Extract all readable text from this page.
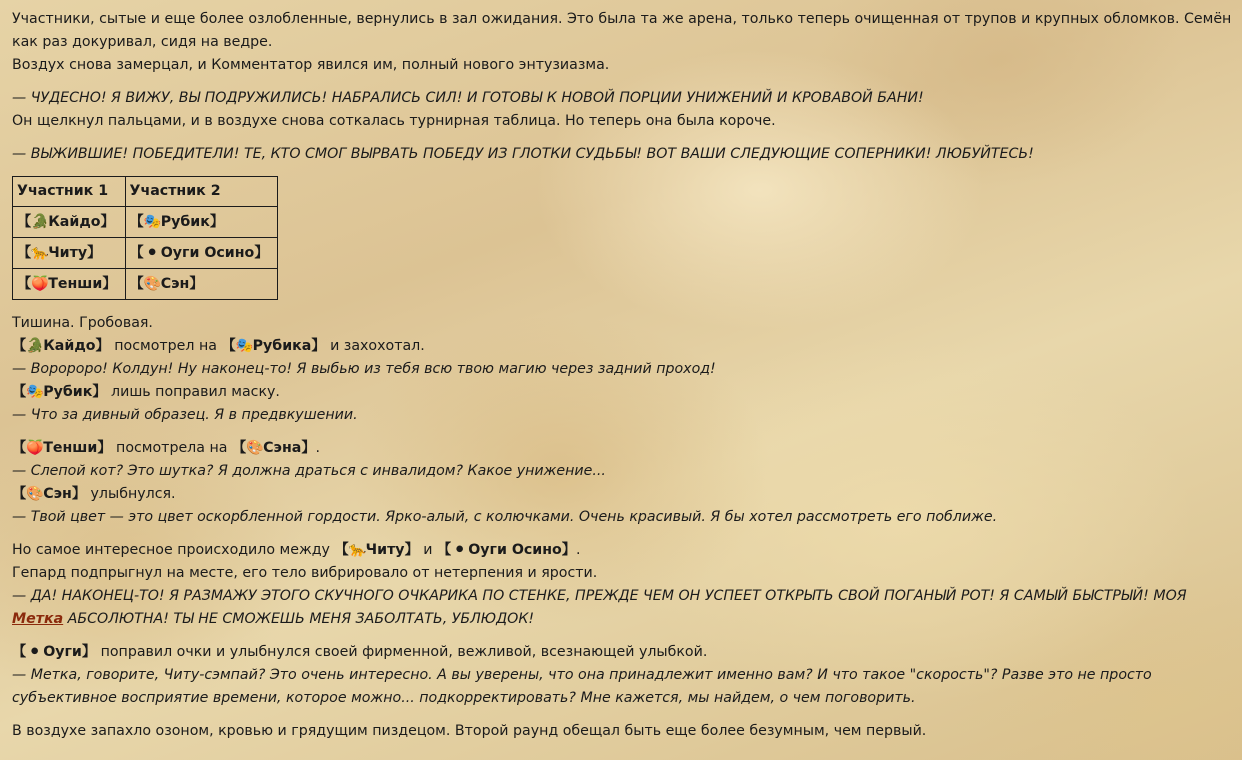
Участники, сытые и еще более озлобленные, вернулись в зал ожидания. Это была та же арена, только теперь очищенная от трупов и крупных обломков. Семён как раз докуривал, сидя на ведре.

Воздух снова замерцал, и Комментатор явился им, полный нового энтузиазма.

— ЧУДЕСНО! Я ВИЖУ, ВЫ ПОДРУЖИЛИСЬ! НАБРАЛИСЬ СИЛ! И ГОТОВЫ К НОВОЙ ПОРЦИИ УНИЖЕНИЙ И КРОВАВОЙ БАНИ!

Он щелкнул пальцами, и в воздухе снова соткалась турнирная таблица. Но теперь она была короче.

— ВЫЖИВШИЕ! ПОБЕДИТЕЛИ! ТЕ, КТО СМОГ ВЫРВАТЬ ПОБЕДУ ИЗ ГЛОТКИ СУДЬБЫ! ВОТ ВАШИ СЛЕДУЮЩИЕ СОПЕРНИКИ! ЛЮБУЙТЕСЬ!

Участник 1	Участник 2
【🐊Кайдо】	【🎭Рубик】
【🐆Читу】	【 ⚫ Оуги Осино】
【🍑Тенши】	【🎨Сэн】

Тишина. Гробовая.

【🐊Кайдо】 посмотрел на 【🎭Рубика】 и захохотал.

— Воророро! Колдун! Ну наконец-то! Я выбью из тебя всю твою магию через задний проход!

【🎭Рубик】 лишь поправил маску.

— Что за дивный образец. Я в предвкушении.

【🍑Тенши】 посмотрела на 【🎨Сэна】.

— Слепой кот? Это шутка? Я должна драться с инвалидом? Какое унижение...

【🎨Сэн】 улыбнулся.

— Твой цвет — это цвет оскорбленной гордости. Ярко-алый, с колючками. Очень красивый. Я бы хотел рассмотреть его поближе.

Но самое интересное происходило между 【🐆Читу】 и 【 ⚫ Оуги Осино】.

Гепард подпрыгнул на месте, его тело вибрировало от нетерпения и ярости.

— ДА! НАКОНЕЦ-ТО! Я РАЗМАЖУ ЭТОГО СКУЧНОГО ОЧКАРИКА ПО СТЕНКЕ, ПРЕЖДЕ ЧЕМ ОН УСПЕЕТ ОТКРЫТЬ СВОЙ ПОГАНЫЙ РОТ! Я САМЫЙ БЫСТРЫЙ! МОЯ Метка АБСОЛЮТНА! ТЫ НЕ СМОЖЕШЬ МЕНЯ ЗАБОЛТАТЬ, УБЛЮДОК!

【 ⚫ Оуги】 поправил очки и улыбнулся своей фирменной, вежливой, всезнающей улыбкой.

— Метка, говорите, Читу-сэмпай? Это очень интересно. А вы уверены, что она принадлежит именно вам? И что такое "скорость"? Разве это не просто субъективное восприятие времени, которое можно... подкорректировать? Мне кажется, мы найдем, о чем поговорить.

В воздухе запахло озоном, кровью и грядущим пиздецом. Второй раунд обещал быть еще более безумным, чем первый.
